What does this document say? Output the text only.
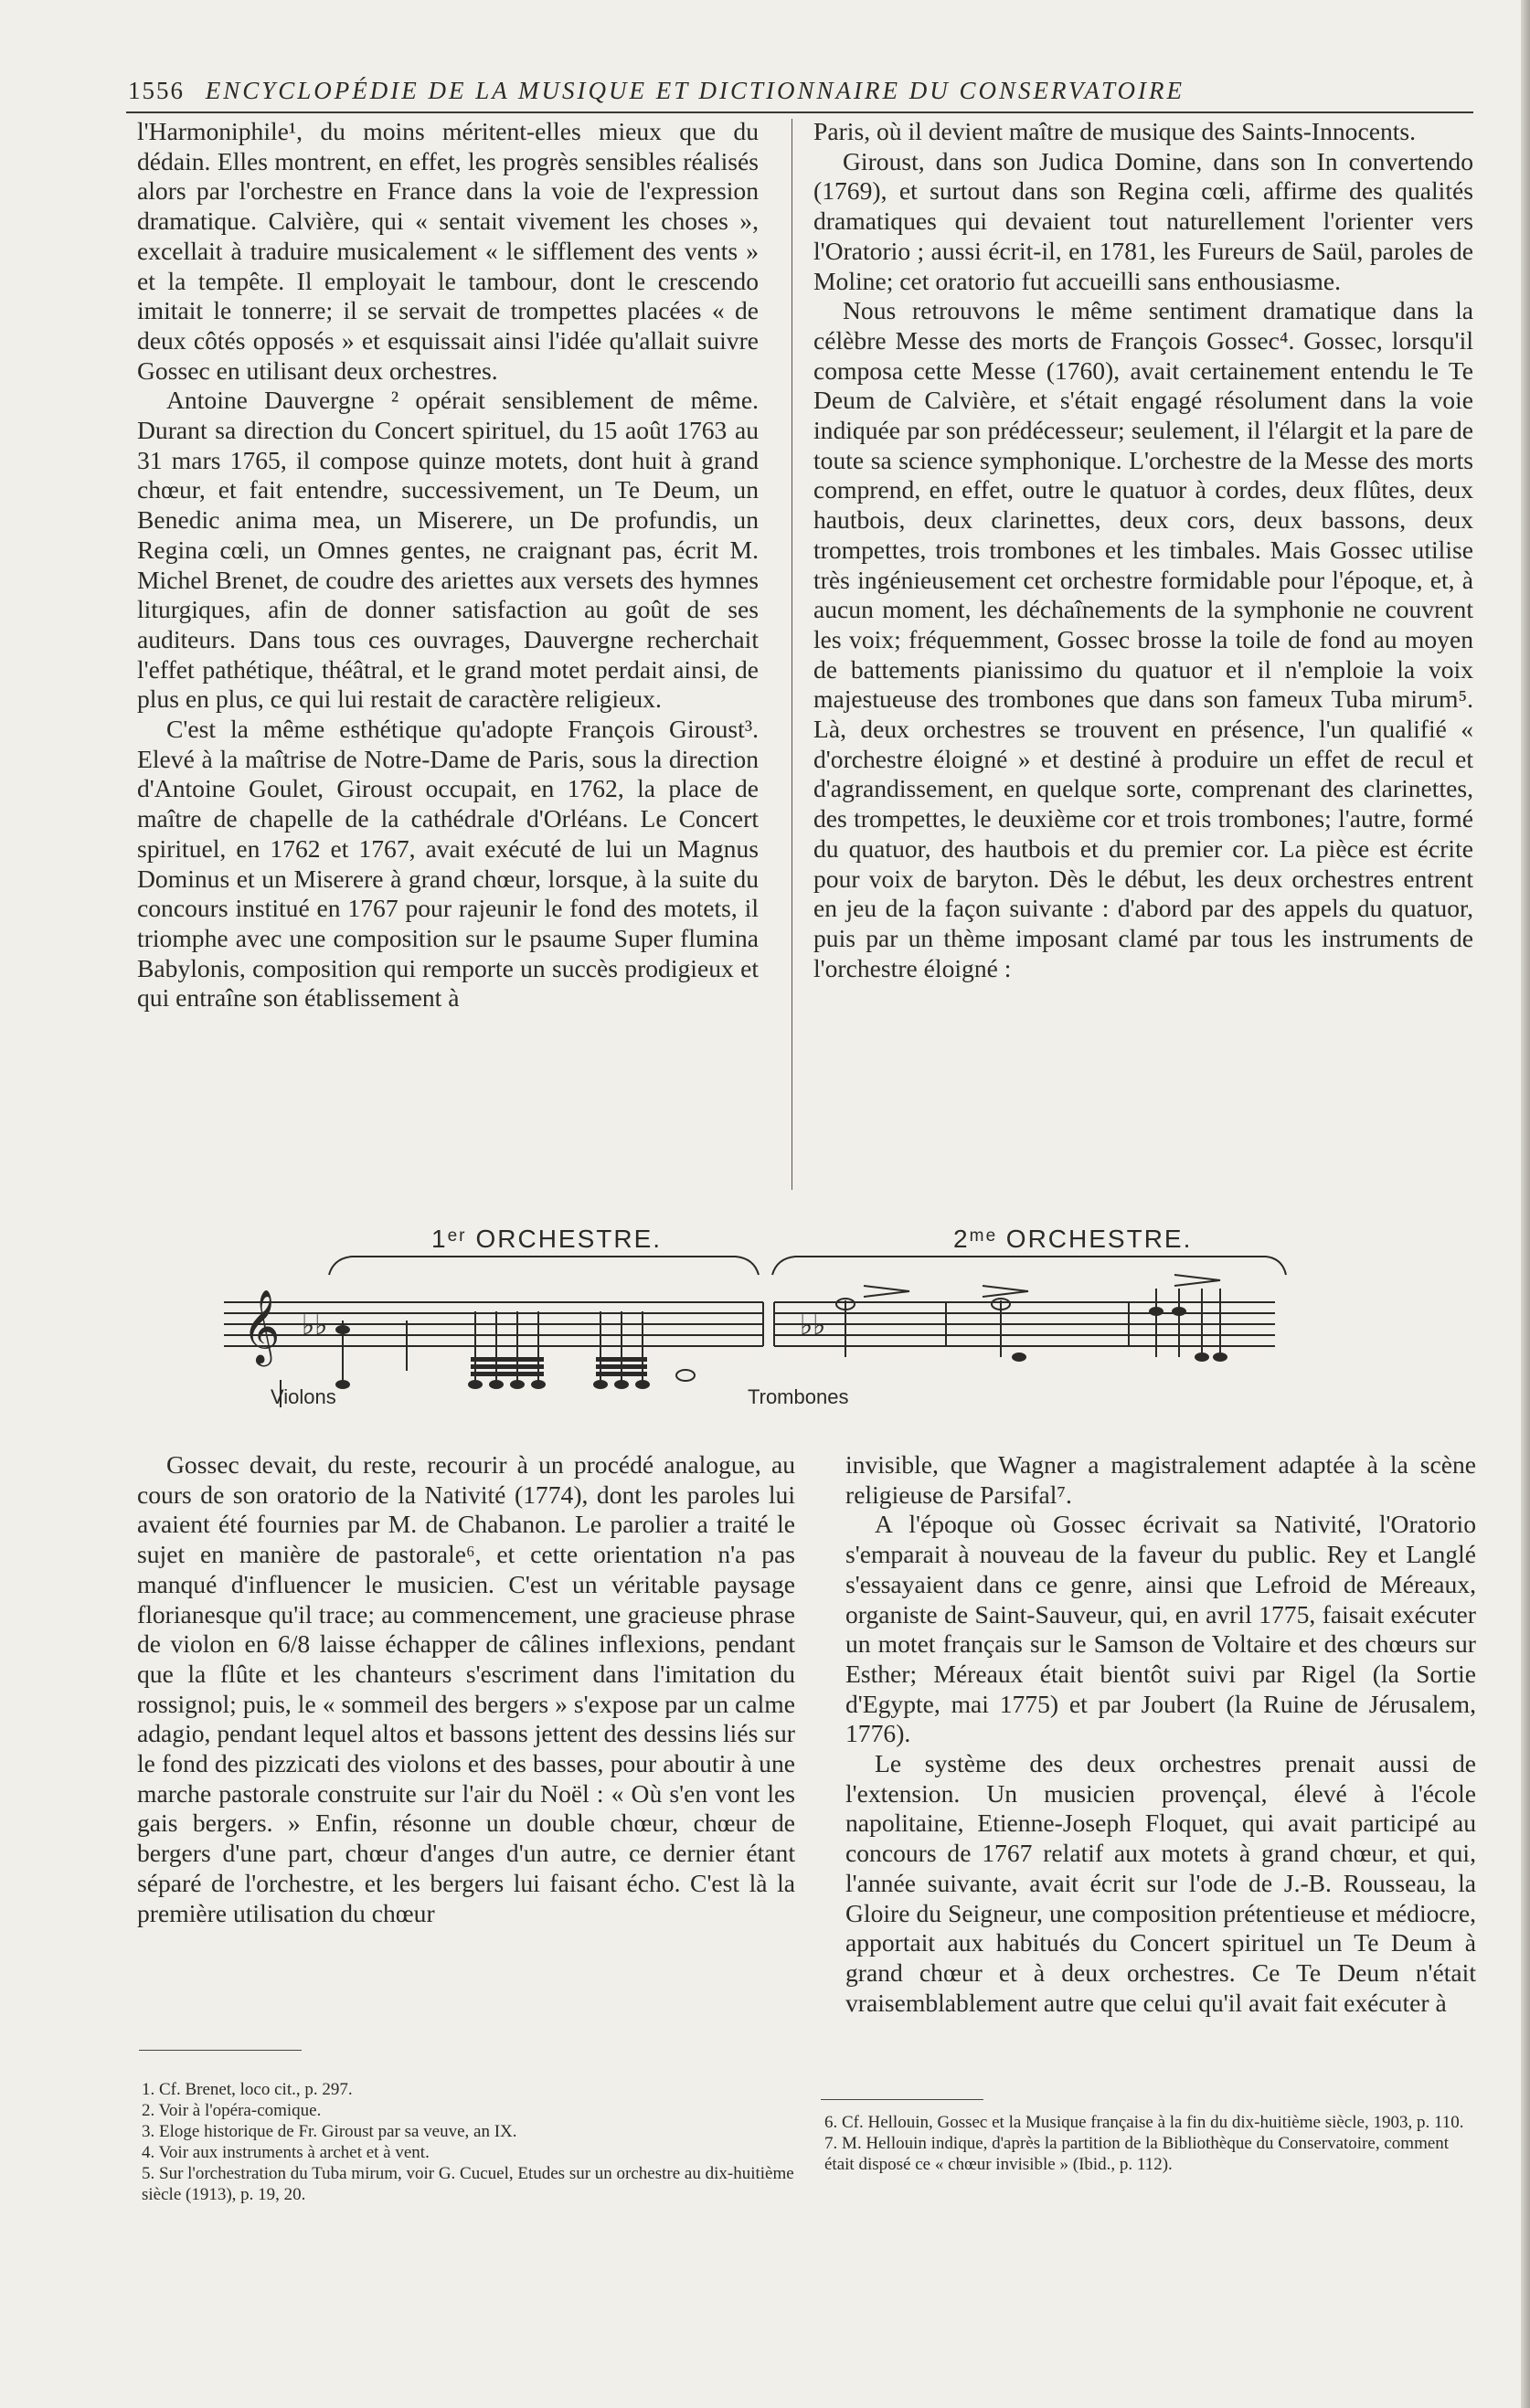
1556 ENCYCLOPÉDIE DE LA MUSIQUE ET DICTIONNAIRE DU CONSERVATOIRE

l'Harmoniphile¹, du moins méritent-elles mieux que du dédain. Elles montrent, en effet, les progrès sensibles réalisés alors par l'orchestre en France dans la voie de l'expression dramatique. Calvière, qui « sentait vivement les choses », excellait à traduire musicalement « le sifflement des vents » et la tempête. Il employait le tambour, dont le crescendo imitait le tonnerre; il se servait de trompettes placées « de deux côtés opposés » et esquissait ainsi l'idée qu'allait suivre Gossec en utilisant deux orchestres.

Antoine Dauvergne ² opérait sensiblement de même. Durant sa direction du Concert spirituel, du 15 août 1763 au 31 mars 1765, il compose quinze motets, dont huit à grand chœur, et fait entendre, successivement, un Te Deum, un Benedic anima mea, un Miserere, un De profundis, un Regina cœli, un Omnes gentes, ne craignant pas, écrit M. Michel Brenet, de coudre des ariettes aux versets des hymnes liturgiques, afin de donner satisfaction au goût de ses auditeurs. Dans tous ces ouvrages, Dauvergne recherchait l'effet pathétique, théâtral, et le grand motet perdait ainsi, de plus en plus, ce qui lui restait de caractère religieux.

C'est la même esthétique qu'adopte François Giroust³. Elevé à la maîtrise de Notre-Dame de Paris, sous la direction d'Antoine Goulet, Giroust occupait, en 1762, la place de maître de chapelle de la cathédrale d'Orléans. Le Concert spirituel, en 1762 et 1767, avait exécuté de lui un Magnus Dominus et un Miserere à grand chœur, lorsque, à la suite du concours institué en 1767 pour rajeunir le fond des motets, il triomphe avec une composition sur le psaume Super flumina Babylonis, composition qui remporte un succès prodigieux et qui entraîne son établissement à

Paris, où il devient maître de musique des Saints-Innocents.

Giroust, dans son Judica Domine, dans son In convertendo (1769), et surtout dans son Regina cœli, affirme des qualités dramatiques qui devaient tout naturellement l'orienter vers l'Oratorio ; aussi écrit-il, en 1781, les Fureurs de Saül, paroles de Moline; cet oratorio fut accueilli sans enthousiasme.

Nous retrouvons le même sentiment dramatique dans la célèbre Messe des morts de François Gossec⁴. Gossec, lorsqu'il composa cette Messe (1760), avait certainement entendu le Te Deum de Calvière, et s'était engagé résolument dans la voie indiquée par son prédécesseur; seulement, il l'élargit et la pare de toute sa science symphonique. L'orchestre de la Messe des morts comprend, en effet, outre le quatuor à cordes, deux flûtes, deux hautbois, deux clarinettes, deux cors, deux bassons, deux trompettes, trois trombones et les timbales. Mais Gossec utilise très ingénieusement cet orchestre formidable pour l'époque, et, à aucun moment, les déchaînements de la symphonie ne couvrent les voix; fréquemment, Gossec brosse la toile de fond au moyen de battements pianissimo du quatuor et il n'emploie la voix majestueuse des trombones que dans son fameux Tuba mirum⁵. Là, deux orchestres se trouvent en présence, l'un qualifié « d'orchestre éloigné » et destiné à produire un effet de recul et d'agrandissement, en quelque sorte, comprenant des clarinettes, des trompettes, le deuxième cor et trois trombones; l'autre, formé du quatuor, des hautbois et du premier cor. La pièce est écrite pour voix de baryton. Dès le début, les deux orchestres entrent en jeu de la façon suivante : d'abord par des appels du quatuor, puis par un thème imposant clamé par tous les instruments de l'orchestre éloigné :

1ᵉʳ ORCHESTRE.	2ᵐᵉ ORCHESTRE.
𝄞 ♭♭	♭♭
Violons	Trombones

Gossec devait, du reste, recourir à un procédé analogue, au cours de son oratorio de la Nativité (1774), dont les paroles lui avaient été fournies par M. de Chabanon. Le parolier a traité le sujet en manière de pastorale⁶, et cette orientation n'a pas manqué d'influencer le musicien. C'est un véritable paysage florianesque qu'il trace; au commencement, une gracieuse phrase de violon en 6/8 laisse échapper de câlines inflexions, pendant que la flûte et les chanteurs s'escriment dans l'imitation du rossignol; puis, le « sommeil des bergers » s'expose par un calme adagio, pendant lequel altos et bassons jettent des dessins liés sur le fond des pizzicati des violons et des basses, pour aboutir à une marche pastorale construite sur l'air du Noël : « Où s'en vont les gais bergers. » Enfin, résonne un double chœur, chœur de bergers d'une part, chœur d'anges d'un autre, ce dernier étant séparé de l'orchestre, et les bergers lui faisant écho. C'est là la première utilisation du chœur

invisible, que Wagner a magistralement adaptée à la scène religieuse de Parsifal⁷.

A l'époque où Gossec écrivait sa Nativité, l'Oratorio s'emparait à nouveau de la faveur du public. Rey et Langlé s'essayaient dans ce genre, ainsi que Lefroid de Méreaux, organiste de Saint-Sauveur, qui, en avril 1775, faisait exécuter un motet français sur le Samson de Voltaire et des chœurs sur Esther; Méreaux était bientôt suivi par Rigel (la Sortie d'Egypte, mai 1775) et par Joubert (la Ruine de Jérusalem, 1776).

Le système des deux orchestres prenait aussi de l'extension. Un musicien provençal, élevé à l'école napolitaine, Etienne-Joseph Floquet, qui avait participé au concours de 1767 relatif aux motets à grand chœur, et qui, l'année suivante, avait écrit sur l'ode de J.-B. Rousseau, la Gloire du Seigneur, une composition prétentieuse et médiocre, apportait aux habitués du Concert spirituel un Te Deum à grand chœur et à deux orchestres. Ce Te Deum n'était vraisemblablement autre que celui qu'il avait fait exécuter à

1. Cf. Brenet, loco cit., p. 297.

2. Voir à l'opéra-comique.

3. Eloge historique de Fr. Giroust par sa veuve, an IX.

4. Voir aux instruments à archet et à vent.

5. Sur l'orchestration du Tuba mirum, voir G. Cucuel, Etudes sur un orchestre au dix-huitième siècle (1913), p. 19, 20.

6. Cf. Hellouin, Gossec et la Musique française à la fin du dix-huitième siècle, 1903, p. 110.

7. M. Hellouin indique, d'après la partition de la Bibliothèque du Conservatoire, comment était disposé ce « chœur invisible » (Ibid., p. 112).
